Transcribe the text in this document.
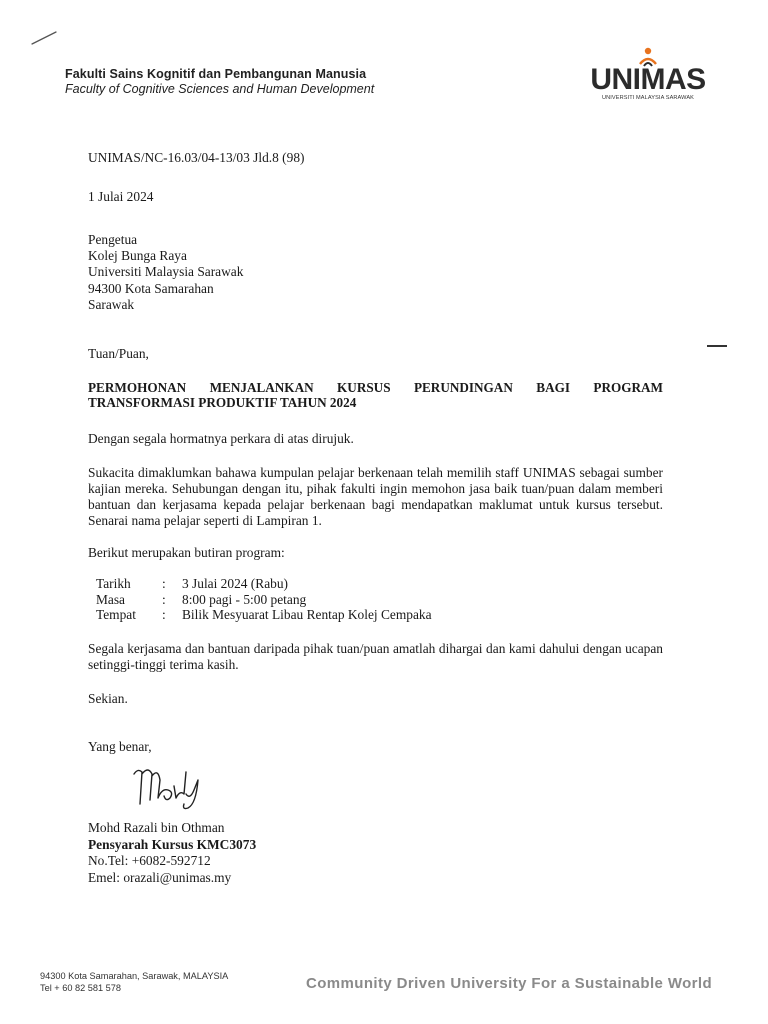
Fakulti Sains Kognitif dan Pembangunan Manusia
Faculty of Cognitive Sciences and Human Development	UNIMAS
UNIVERSITI MALAYSIA SARAWAK
UNIMAS/NC-16.03/04-13/03 Jld.8 (98)
1 Julai 2024
Pengetua
Kolej Bunga Raya
Universiti Malaysia Sarawak
94300 Kota Samarahan
Sarawak
Tuan/Puan,
PERMOHONAN MENJALANKAN KURSUS PERUNDINGAN BAGI PROGRAM TRANSFORMASI PRODUKTIF TAHUN 2024
Dengan segala hormatnya perkara di atas dirujuk.
Sukacita dimaklumkan bahawa kumpulan pelajar berkenaan telah memilih staff UNIMAS sebagai sumber kajian mereka. Sehubungan dengan itu, pihak fakulti ingin memohon jasa baik tuan/puan dalam memberi bantuan dan kerjasama kepada pelajar berkenaan bagi mendapatkan maklumat untuk kursus tersebut. Senarai nama pelajar seperti di Lampiran 1.
Berikut merupakan butiran program:
Tarikh	:	3 Julai 2024 (Rabu)
Masa	:	8:00 pagi - 5:00 petang
Tempat	:	Bilik Mesyuarat Libau Rentap Kolej Cempaka
Segala kerjasama dan bantuan daripada pihak tuan/puan amatlah dihargai dan kami dahului dengan ucapan setinggi-tinggi terima kasih.
Sekian.
Yang benar,
Mohd Razali bin Othman
Pensyarah Kursus KMC3073
No.Tel: +6082-592712
Emel: orazali@unimas.my
94300 Kota Samarahan, Sarawak, MALAYSIA
Tel + 60 82 581 578	Community Driven University For a Sustainable World
